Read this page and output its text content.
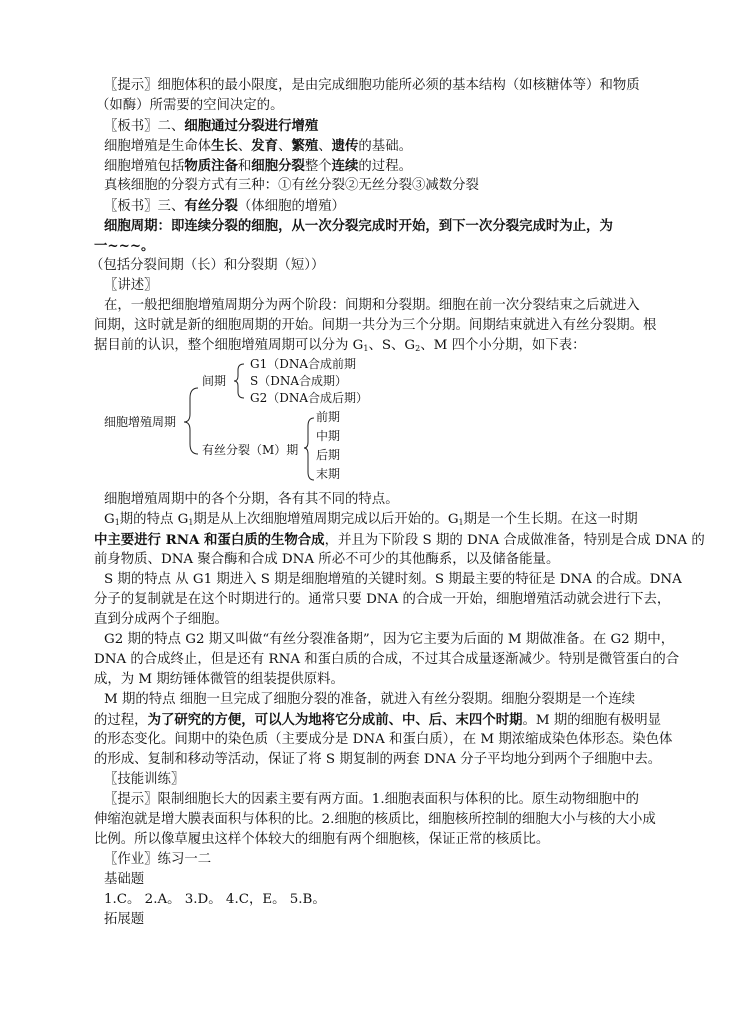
〖提示〗细胞体积的最小限度，是由完成细胞功能所必须的基本结构（如核糖体等）和物质
（如酶）所需要的空间决定的。
〖板书〗二、细胞通过分裂进行增殖
细胞增殖是生命体生长、发育、繁殖、遗传的基础。
细胞增殖包括物质注备和细胞分裂整个连续的过程。
真核细胞的分裂方式有三种：①有丝分裂②无丝分裂③减数分裂
〖板书〗三、有丝分裂（体细胞的增殖）
细胞周期：即连续分裂的细胞，从一次分裂完成时开始，到下一次分裂完成时为止，为
一~~~。
（包括分裂间期（长）和分裂期（短））
〖讲述〗
在，一般把细胞增殖周期分为两个阶段：间期和分裂期。细胞在前一次分裂结束之后就进入
间期，这时就是新的细胞周期的开始。间期一共分为三个分期。间期结束就进入有丝分裂期。根
据目前的认识，整个细胞增殖周期可以分为 $G_1$、S、$G_2$、M 四个小分期，如下表：
细胞增殖周期
间期
G1（DNA合成前期
S（DNA合成期）
G2（DNA合成后期）
有丝分裂（M）期
前期
中期
后期
末期
细胞增殖周期中的各个分期，各有其不同的特点。
$G_1$期的特点 $G_1$期是从上次细胞增殖周期完成以后开始的。$G_1$期是一个生长期。在这一时期
中主要进行 RNA 和蛋白质的生物合成，并且为下阶段 S 期的 DNA 合成做准备，特别是合成 DNA 的
前身物质、DNA 聚合酶和合成 DNA 所必不可少的其他酶系，以及储备能量。
S 期的特点 从 G1 期进入 S 期是细胞增殖的关键时刻。S 期最主要的特征是 DNA 的合成。DNA
分子的复制就是在这个时期进行的。通常只要 DNA 的合成一开始，细胞增殖活动就会进行下去，
直到分成两个子细胞。
G2 期的特点 G2 期又叫做“有丝分裂准备期”，因为它主要为后面的 M 期做准备。在 G2 期中，
DNA 的合成终止，但是还有 RNA 和蛋白质的合成，不过其合成量逐渐减少。特别是微管蛋白的合
成，为 M 期纺锤体微管的组装提供原料。
M 期的特点 细胞一旦完成了细胞分裂的准备，就进入有丝分裂期。细胞分裂期是一个连续
的过程，为了研究的方便，可以人为地将它分成前、中、后、末四个时期。M 期的细胞有极明显
的形态变化。间期中的染色质（主要成分是 DNA 和蛋白质），在 M 期浓缩成染色体形态。染色体
的形成、复制和移动等活动，保证了将 S 期复制的两套 DNA 分子平均地分到两个子细胞中去。
〖技能训练〗
〖提示〗限制细胞长大的因素主要有两方面。1.细胞表面积与体积的比。原生动物细胞中的
伸缩泡就是增大膜表面积与体积的比。2.细胞的核质比，细胞核所控制的细胞大小与核的大小成
比例。所以像草履虫这样个体较大的细胞有两个细胞核，保证正常的核质比。
〖作业〗练习一二
基础题
1.C。 2.A。 3.D。 4.C，E。 5.B。
拓展题
